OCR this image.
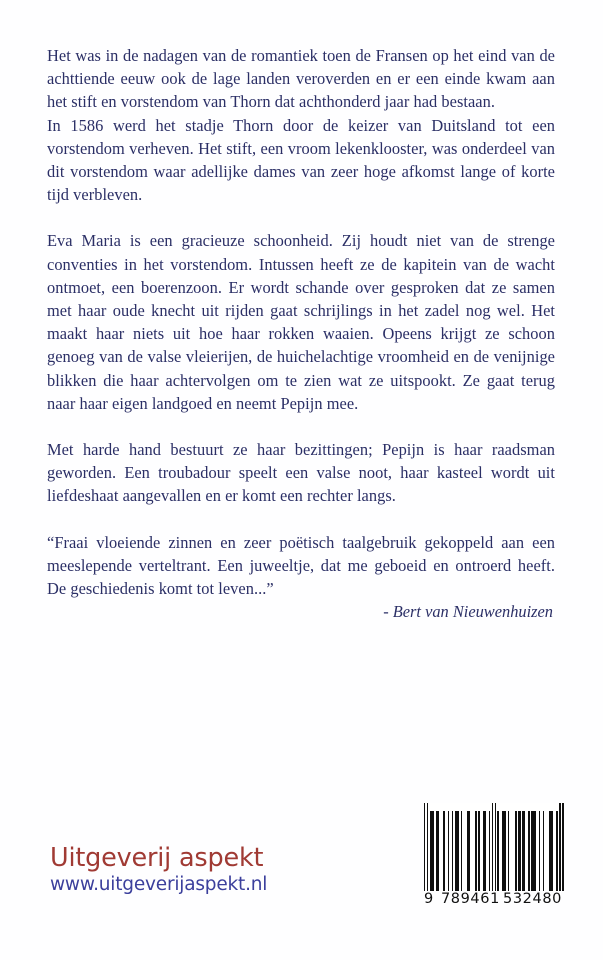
Het was in de nadagen van de romantiek toen de Fransen op het eind van de achttiende eeuw ook de lage landen veroverden en er een einde kwam aan het stift en vorstendom van Thorn dat achthonderd jaar had bestaan.

In 1586 werd het stadje Thorn door de keizer van Duitsland tot een vorstendom verheven. Het stift, een vroom lekenklooster, was onderdeel van dit vorstendom waar adellijke dames van zeer hoge afkomst lange of korte tijd verbleven.

Eva Maria is een gracieuze schoonheid. Zij houdt niet van de strenge conventies in het vorstendom. Intussen heeft ze de kapitein van de wacht ontmoet, een boerenzoon. Er wordt schande over gesproken dat ze samen met haar oude knecht uit rijden gaat schrijlings in het zadel nog wel. Het maakt haar niets uit hoe haar rokken waaien. Opeens krijgt ze schoon genoeg van de valse vleierijen, de huichelachtige vroomheid en de venijnige blikken die haar achtervolgen om te zien wat ze uitspookt. Ze gaat terug naar haar eigen landgoed en neemt Pepijn mee.

Met harde hand bestuurt ze haar bezittingen; Pepijn is haar raadsman geworden. Een troubadour speelt een valse noot, haar kasteel wordt uit liefdeshaat aangevallen en er komt een rechter langs.

“Fraai vloeiende zinnen en zeer poëtisch taalgebruik gekoppeld aan een meeslepende verteltrant. Een juweeltje, dat me geboeid en ontroerd heeft. De geschiedenis komt tot leven...”

- Bert van Nieuwenhuizen

Uitgeverij aspekt
www.uitgeverijaspekt.nl
9 789461 532480
